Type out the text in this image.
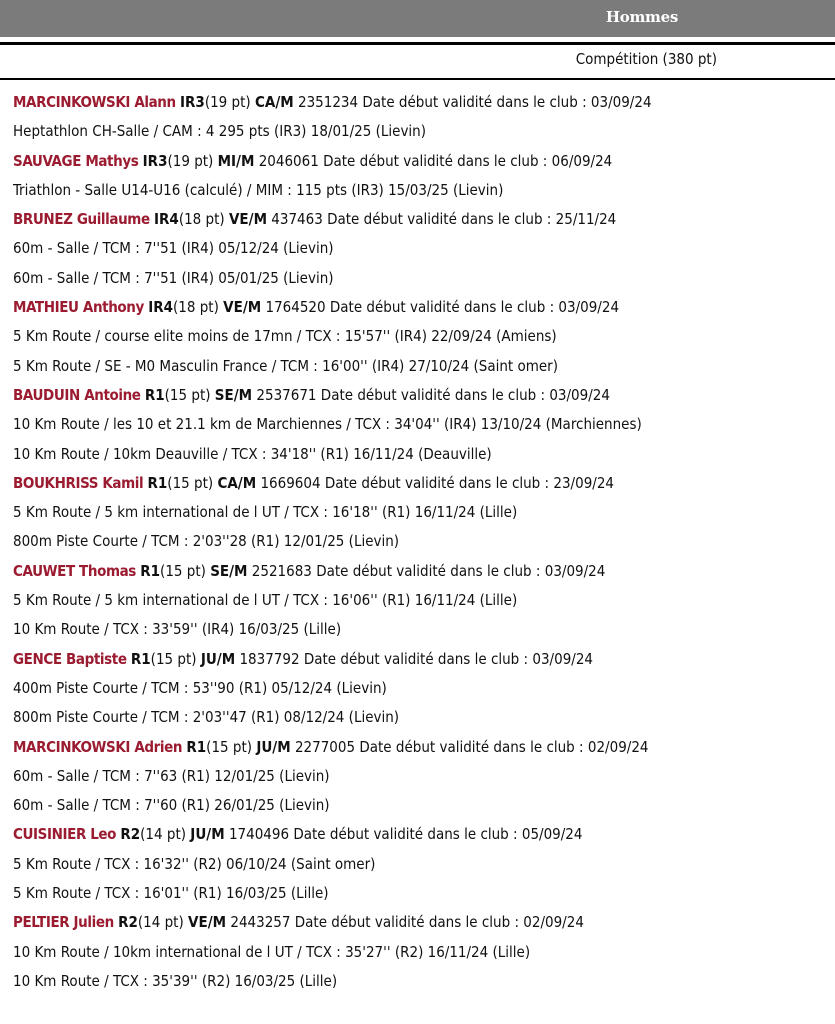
Hommes
Compétition (380 pt)
MARCINKOWSKI Alann IR3(19 pt) CA/M 2351234 Date début validité dans le club : 03/09/24
Heptathlon CH-Salle / CAM : 4 295 pts (IR3) 18/01/25 (Lievin)
SAUVAGE Mathys IR3(19 pt) MI/M 2046061 Date début validité dans le club : 06/09/24
Triathlon - Salle U14-U16 (calculé) / MIM : 115 pts (IR3) 15/03/25 (Lievin)
BRUNEZ Guillaume IR4(18 pt) VE/M 437463 Date début validité dans le club : 25/11/24
60m - Salle / TCM : 7''51 (IR4) 05/12/24 (Lievin)
60m - Salle / TCM : 7''51 (IR4) 05/01/25 (Lievin)
MATHIEU Anthony IR4(18 pt) VE/M 1764520 Date début validité dans le club : 03/09/24
5 Km Route / course elite moins de 17mn / TCX : 15'57'' (IR4) 22/09/24 (Amiens)
5 Km Route / SE - M0 Masculin France / TCM : 16'00'' (IR4) 27/10/24 (Saint omer)
BAUDUIN Antoine R1(15 pt) SE/M 2537671 Date début validité dans le club : 03/09/24
10 Km Route / les 10 et 21.1 km de Marchiennes / TCX : 34'04'' (IR4) 13/10/24 (Marchiennes)
10 Km Route / 10km Deauville / TCX : 34'18'' (R1) 16/11/24 (Deauville)
BOUKHRISS Kamil R1(15 pt) CA/M 1669604 Date début validité dans le club : 23/09/24
5 Km Route / 5 km international de l UT / TCX : 16'18'' (R1) 16/11/24 (Lille)
800m Piste Courte / TCM : 2'03''28 (R1) 12/01/25 (Lievin)
CAUWET Thomas R1(15 pt) SE/M 2521683 Date début validité dans le club : 03/09/24
5 Km Route / 5 km international de l UT / TCX : 16'06'' (R1) 16/11/24 (Lille)
10 Km Route / TCX : 33'59'' (IR4) 16/03/25 (Lille)
GENCE Baptiste R1(15 pt) JU/M 1837792 Date début validité dans le club : 03/09/24
400m Piste Courte / TCM : 53''90 (R1) 05/12/24 (Lievin)
800m Piste Courte / TCM : 2'03''47 (R1) 08/12/24 (Lievin)
MARCINKOWSKI Adrien R1(15 pt) JU/M 2277005 Date début validité dans le club : 02/09/24
60m - Salle / TCM : 7''63 (R1) 12/01/25 (Lievin)
60m - Salle / TCM : 7''60 (R1) 26/01/25 (Lievin)
CUISINIER Leo R2(14 pt) JU/M 1740496 Date début validité dans le club : 05/09/24
5 Km Route / TCX : 16'32'' (R2) 06/10/24 (Saint omer)
5 Km Route / TCX : 16'01'' (R1) 16/03/25 (Lille)
PELTIER Julien R2(14 pt) VE/M 2443257 Date début validité dans le club : 02/09/24
10 Km Route / 10km international de l UT / TCX : 35'27'' (R2) 16/11/24 (Lille)
10 Km Route / TCX : 35'39'' (R2) 16/03/25 (Lille)
